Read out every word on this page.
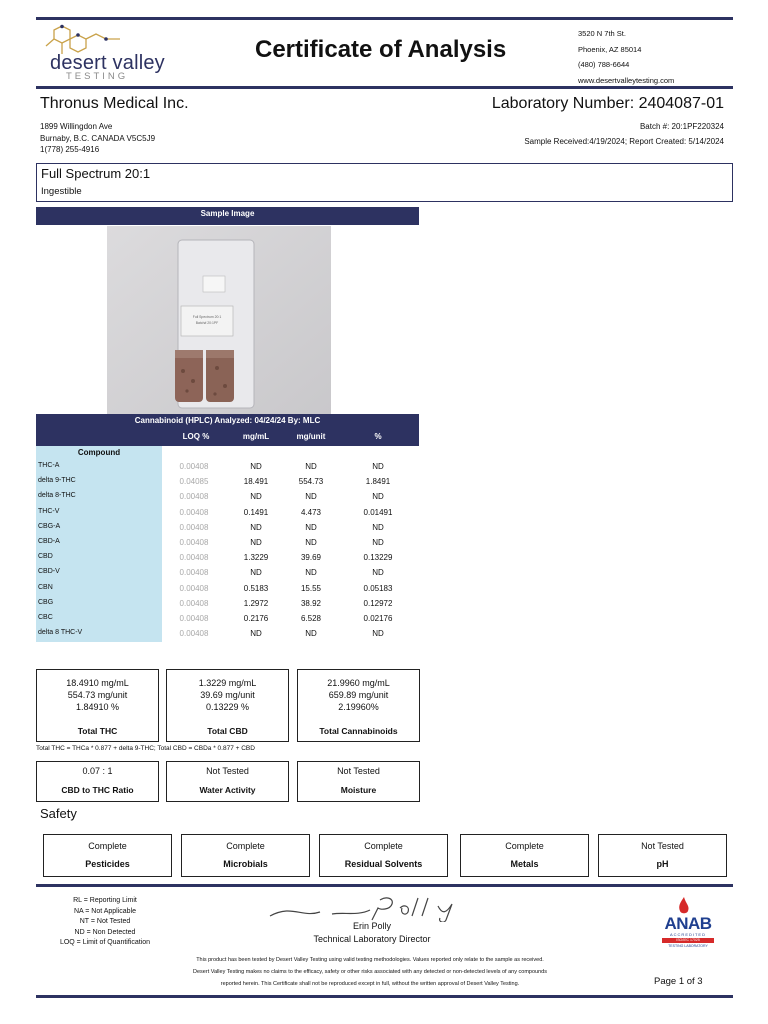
desert valley
TESTING
Certificate of Analysis
3520 N 7th St.
Phoenix, AZ 85014
(480) 788-6644
www.desertvalleytesting.com
Thronus Medical Inc.
1899 Willingdon Ave
Burnaby, B.C. CANADA V5C5J9
1(778) 255-4916
Laboratory Number: 2404087-01
Batch #: 20:1PF220324
Sample Received:4/19/2024; Report Created: 5/14/2024
Full Spectrum 20:1
Ingestible
Sample Image
Full Spectrum 20:1
Batch# 20:1PF
Cannabinoid (HPLC) Analyzed: 04/24/24 By: MLC
LOQ %	mg/mL	mg/unit	%
Compound
THC-A	0.00408	ND	ND	ND
delta 9-THC	0.04085	18.491	554.73	1.8491
delta 8-THC	0.00408	ND	ND	ND
THC-V	0.00408	0.1491	4.473	0.01491
CBG-A	0.00408	ND	ND	ND
CBD-A	0.00408	ND	ND	ND
CBD	0.00408	1.3229	39.69	0.13229
CBD-V	0.00408	ND	ND	ND
CBN	0.00408	0.5183	15.55	0.05183
CBG	0.00408	1.2972	38.92	0.12972
CBC	0.00408	0.2176	6.528	0.02176
delta 8 THC-V	0.00408	ND	ND	ND
18.4910 mg/mL
554.73 mg/unit
1.84910 %
Total THC
1.3229 mg/mL
39.69 mg/unit
0.13229 %
Total CBD
21.9960 mg/mL
659.89 mg/unit
2.19960%
Total Cannabinoids
Total THC = THCa * 0.877 + delta 9-THC; Total CBD = CBDa * 0.877 + CBD
0.07 : 1
CBD to THC Ratio
Not Tested
Water Activity
Not Tested
Moisture
Safety
Complete
Pesticides
Complete
Microbials
Complete
Residual Solvents
Complete
Metals
Not Tested
pH
RL = Reporting Limit
NA = Not Applicable
NT = Not Tested
ND = Non Detected
LOQ = Limit of Quantification
Erin Polly
Technical Laboratory Director
ANAB
ACCREDITED
ISO/IEC 17025
TESTING LABORATORY
This product has been tested by Desert Valley Testing using valid testing methodologies. Values reported only relate to the sample as received.
Desert Valley Testing makes no claims to the efficacy, safety or other risks associated with any detected or non-detected levels of any compounds
reported herein. This Certificate shall not be reproduced except in full, without the written approval of Desert Valley Testing.	Page 1 of 3
